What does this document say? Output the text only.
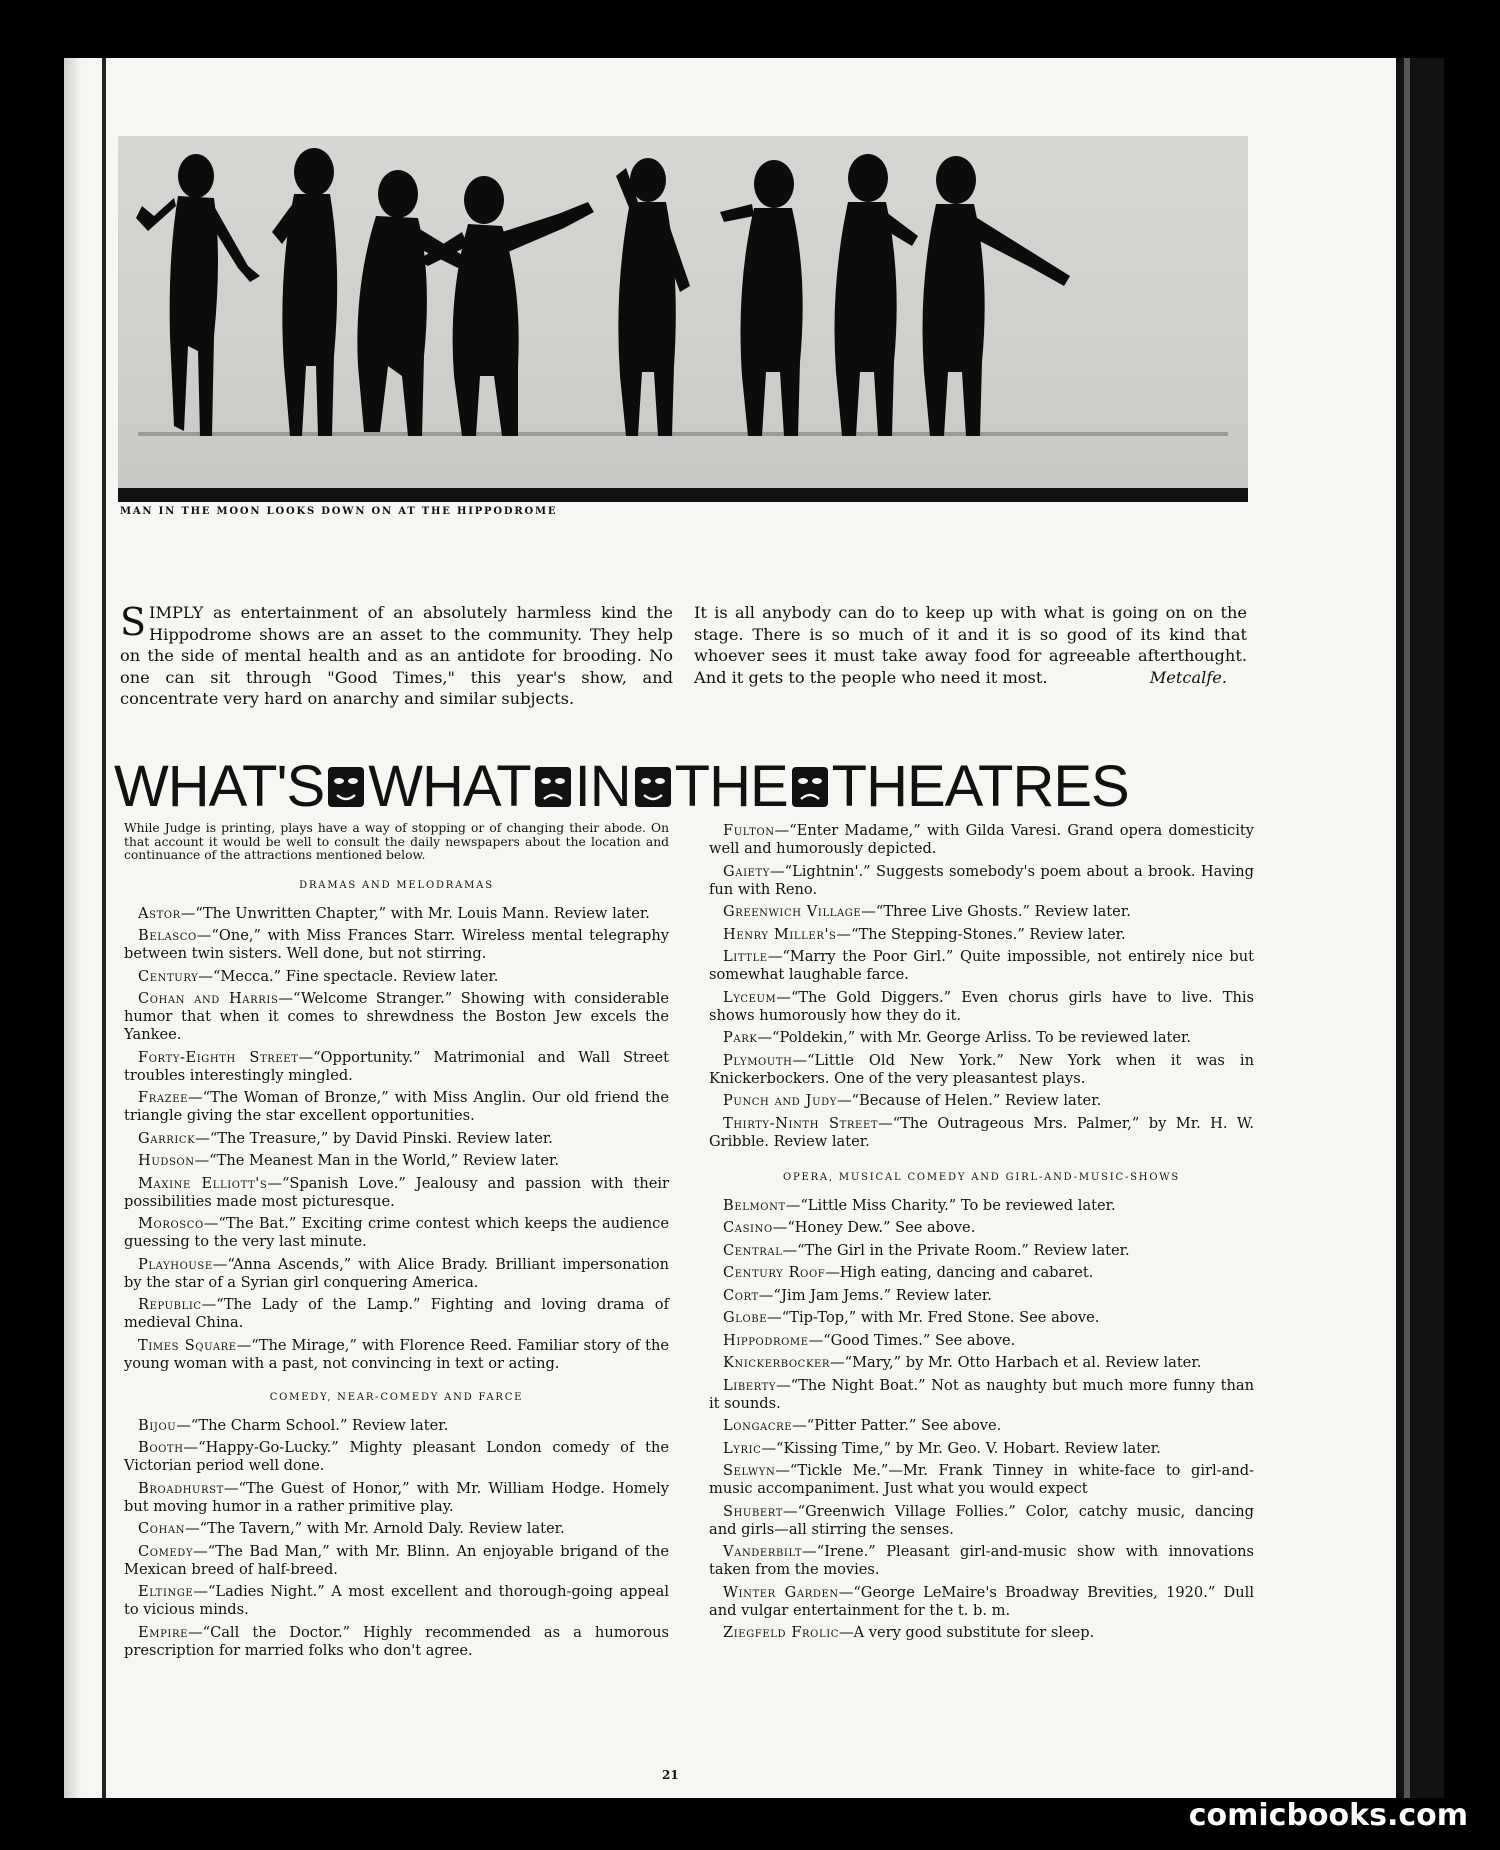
MAN IN THE MOON LOOKS DOWN ON AT THE HIPPODROME
SIMPLY as entertainment of an absolutely harmless kind the Hippodrome shows are an asset to the community. They help on the side of mental health and as an antidote for brooding. No one can sit through "Good Times," this year's show, and concentrate very hard on anarchy and similar subjects.
It is all anybody can do to keep up with what is going on on the stage. There is so much of it and it is so good of its kind that whoever sees it must take away food for agreeable afterthought. And it gets to the people who need it most.	Metcalfe.
WHAT'S WHAT IN THE THEATRES
While Judge is printing, plays have a way of stopping or of changing their abode. On that account it would be well to consult the daily newspapers about the location and continuance of the attractions mentioned below.
DRAMAS AND MELODRAMAS
Astor—“The Unwritten Chapter,” with Mr. Louis Mann. Review later.
Belasco—“One,” with Miss Frances Starr. Wireless mental telegraphy between twin sisters. Well done, but not stirring.
Century—“Mecca.” Fine spectacle. Review later.
Cohan and Harris—“Welcome Stranger.” Showing with considerable humor that when it comes to shrewdness the Boston Jew excels the Yankee.
Forty-Eighth Street—“Opportunity.” Matrimonial and Wall Street troubles interestingly mingled.
Frazee—“The Woman of Bronze,” with Miss Anglin. Our old friend the triangle giving the star excellent opportunities.
Garrick—“The Treasure,” by David Pinski. Review later.
Hudson—“The Meanest Man in the World,” Review later.
Maxine Elliott's—“Spanish Love.” Jealousy and passion with their possibilities made most picturesque.
Morosco—“The Bat.” Exciting crime contest which keeps the audience guessing to the very last minute.
Playhouse—“Anna Ascends,” with Alice Brady. Brilliant impersonation by the star of a Syrian girl conquering America.
Republic—“The Lady of the Lamp.” Fighting and loving drama of medieval China.
Times Square—“The Mirage,” with Florence Reed. Familiar story of the young woman with a past, not convincing in text or acting.
COMEDY, NEAR-COMEDY AND FARCE
Bijou—“The Charm School.” Review later.
Booth—“Happy-Go-Lucky.” Mighty pleasant London comedy of the Victorian period well done.
Broadhurst—“The Guest of Honor,” with Mr. William Hodge. Homely but moving humor in a rather primitive play.
Cohan—“The Tavern,” with Mr. Arnold Daly. Review later.
Comedy—“The Bad Man,” with Mr. Blinn. An enjoyable brigand of the Mexican breed of half-breed.
Eltinge—“Ladies Night.” A most excellent and thorough-going appeal to vicious minds.
Empire—“Call the Doctor.” Highly recommended as a humorous prescription for married folks who don't agree.
Fulton—“Enter Madame,” with Gilda Varesi. Grand opera domesticity well and humorously depicted.
Gaiety—“Lightnin'.” Suggests somebody's poem about a brook. Having fun with Reno.
Greenwich Village—“Three Live Ghosts.” Review later.
Henry Miller's—“The Stepping-Stones.” Review later.
Little—“Marry the Poor Girl.” Quite impossible, not entirely nice but somewhat laughable farce.
Lyceum—“The Gold Diggers.” Even chorus girls have to live. This shows humorously how they do it.
Park—“Poldekin,” with Mr. George Arliss. To be reviewed later.
Plymouth—“Little Old New York.” New York when it was in Knickerbockers. One of the very pleasantest plays.
Punch and Judy—“Because of Helen.” Review later.
Thirty-Ninth Street—“The Outrageous Mrs. Palmer,” by Mr. H. W. Gribble. Review later.
OPERA, MUSICAL COMEDY AND GIRL-AND-MUSIC-SHOWS
Belmont—“Little Miss Charity.” To be reviewed later.
Casino—“Honey Dew.” See above.
Central—“The Girl in the Private Room.” Review later.
Century Roof—High eating, dancing and cabaret.
Cort—“Jim Jam Jems.” Review later.
Globe—“Tip-Top,” with Mr. Fred Stone. See above.
Hippodrome—“Good Times.” See above.
Knickerbocker—“Mary,” by Mr. Otto Harbach et al. Review later.
Liberty—“The Night Boat.” Not as naughty but much more funny than it sounds.
Longacre—“Pitter Patter.” See above.
Lyric—“Kissing Time,” by Mr. Geo. V. Hobart. Review later.
Selwyn—“Tickle Me.”—Mr. Frank Tinney in white-face to girl-and-music accompaniment. Just what you would expect
Shubert—“Greenwich Village Follies.” Color, catchy music, dancing and girls—all stirring the senses.
Vanderbilt—“Irene.” Pleasant girl-and-music show with innovations taken from the movies.
Winter Garden—“George LeMaire's Broadway Brevities, 1920.” Dull and vulgar entertainment for the t. b. m.
Ziegfeld Frolic—A very good substitute for sleep.
21
comicbooks.com
